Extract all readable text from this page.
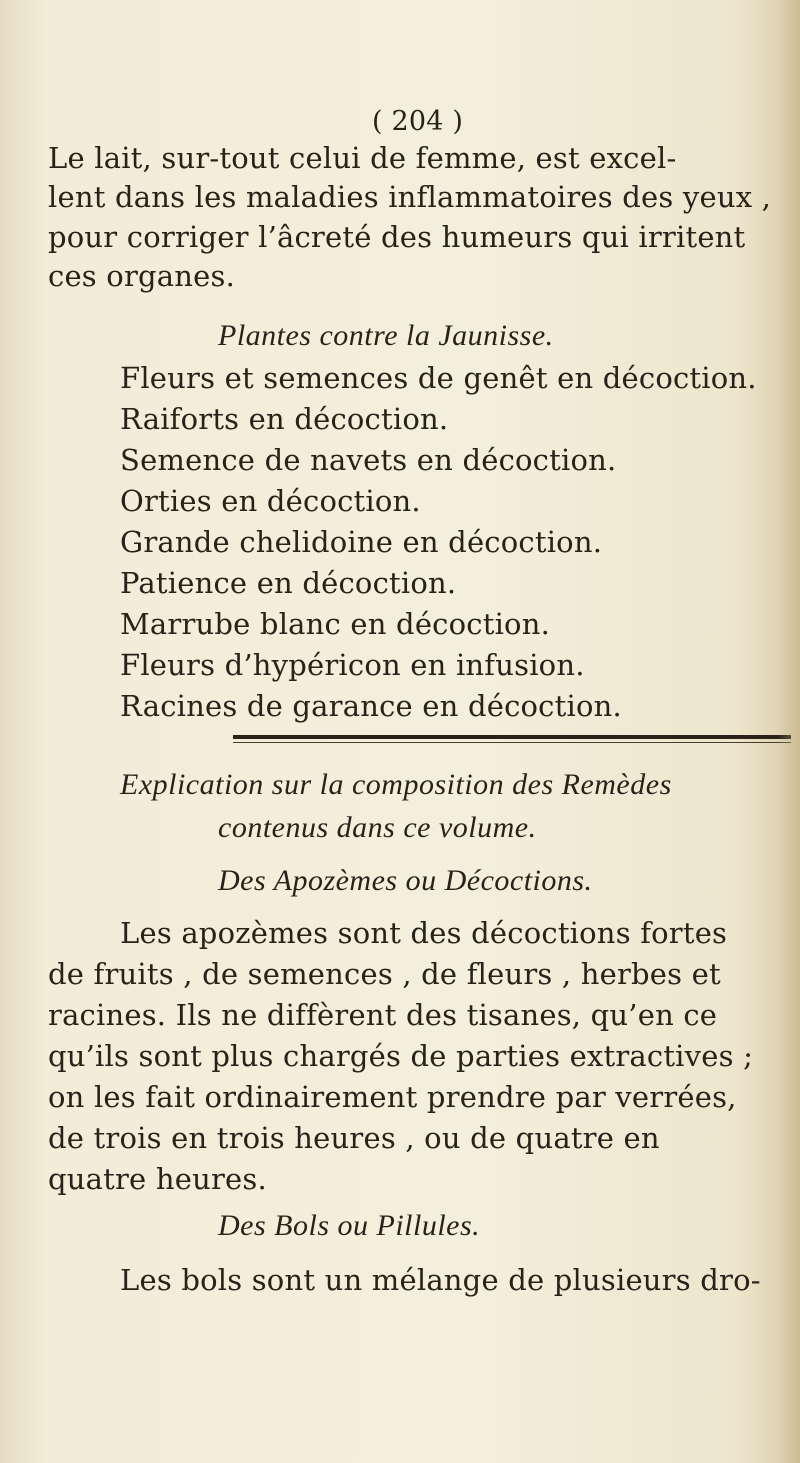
( 204 )
Le lait, sur-tout celui de femme, est excel-
lent dans les maladies inflammatoires des yeux ,
pour corriger l’âcreté des humeurs qui irritent
ces organes.
Plantes contre la Jaunisse.
Fleurs et semences de genêt en décoction.
Raiforts en décoction.
Semence de navets en décoction.
Orties en décoction.
Grande chelidoine en décoction.
Patience en décoction.
Marrube blanc en décoction.
Fleurs d’hypéricon en infusion.
Racines de garance en décoction.
Explication sur la composition des Remèdes
contenus dans ce volume.
Des Apozèmes ou Décoctions.
Les apozèmes sont des décoctions fortes
de fruits , de semences , de fleurs , herbes et
racines. Ils ne diffèrent des tisanes, qu’en ce
qu’ils sont plus chargés de parties extractives ;
on les fait ordinairement prendre par verrées,
de trois en trois heures , ou de quatre en
quatre heures.
Des Bols ou Pillules.
Les bols sont un mélange de plusieurs dro-
